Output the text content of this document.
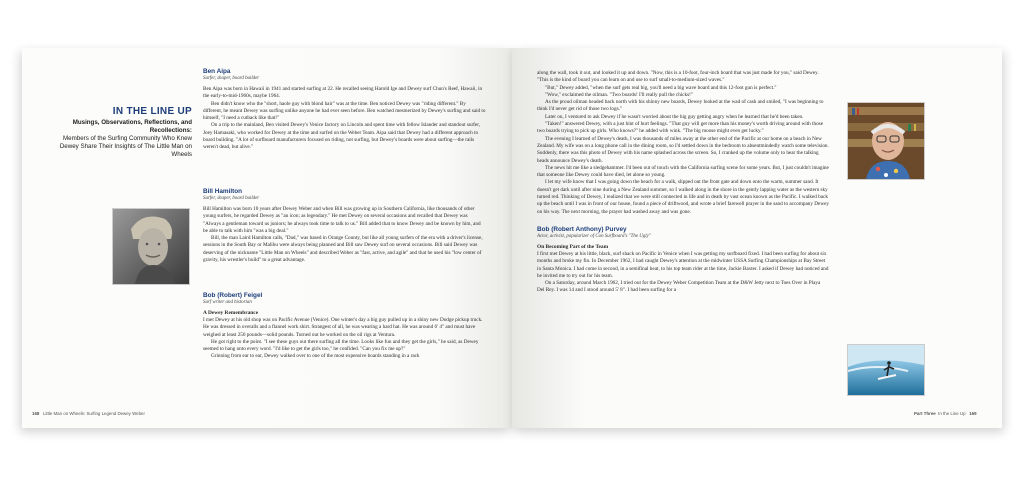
IN THE LINE UP
Musings, Observations, Reflections, and Recollections:
Members of the Surfing Community Who Knew Dewey Share Their Insights of The Little Man on Wheels
Ben Aipa
Surfer, shaper, board builder

Ben Aipa was born in Hawaii in 1941 and started surfing at 22. He recalled seeing Harold Ige and Dewey surf Chun's Reef, Hawaii, in the early-to-mid-1960s, maybe 1964.

Ben didn't know who the "short, haole guy with blond hair" was at the time. Ben noticed Dewey was "riding different." By different, he meant Dewey was surfing unlike anyone he had ever seen before. Ben watched mesmerized by Dewey's surfing and said to himself, "I need a cutback like that!"

On a trip to the mainland, Ben visited Dewey's Venice factory on Lincoln and spent time with fellow Islander and standout surfer, Joey Hamasaki, who worked for Dewey at the time and surfed on the Weber Team. Aipa said that Dewey had a different approach to board building. "A lot of surfboard manufacturers focused on riding, not surfing, but Dewey's boards were about surfing—the rails weren't dead, but alive."

Bill Hamilton
Surfer, shaper, board builder

Bill Hamilton was born 10 years after Dewey Weber and when Bill was growing up in Southern California, like thousands of other young surfers, he regarded Dewey as "an icon; as legendary." He met Dewey on several occasions and recalled that Dewey was "Always a gentleman toward us juniors; he always took time to talk to us." Bill added that to know Dewey and be known by him, and be able to talk with him "was a big deal."

Bill, the man Laird Hamilton calls, "Dad," was based in Orange County, but like all young surfers of the era with a driver's license, sessions in the South Bay or Malibu were always being planned and Bill saw Dewey surf on several occasions. Bill said Dewey was deserving of the nickname "Little Man on Wheels" and described Weber as "fast, active, and agile" and that he used his "low center of gravity, his wrestler's build" to a great advantage.

Bob (Robert) Feigel
Surf writer and historian
A Dewey Remembrance

I met Dewey at his old shop was on Pacific Avenue (Venice). One winter's day a big guy pulled up in a shiny new Dodge pickup truck. He was dressed in overalls and a flannel work shirt. Strangest of all, he was wearing a hard hat. He was around 6' 4" and must have weighed at least 250 pounds—solid pounds. Turned out he worked on the oil rigs at Ventura.

He got right to the point. "I see these guys out there surfing all the time. Looks like fun and they get the girls," he said, as Dewey seemed to hang onto every word. "I'd like to get the girls too," he confided. "Can you fix me up?"

Grinning from ear to ear, Dewey walked over to one of the most expensive boards standing in a rack

168 Little Man on Wheels: Surfing Legend Dewey Weber

along the wall, took it out, and looked it up and down. "Now, this is a 10-foot, four-inch board that was just made for you," said Dewey. "This is the kind of board you can learn on and use to surf small-to-medium-sized waves."

"But," Dewey added, "when the surf gets real big, you'll need a big wave board and this 12-foot gun is perfect."

"Wow," exclaimed the oilman. "Two boards! I'll really pull the chicks!"

As the proud oilman headed back north with his shinny new boards, Dewey looked at the wad of cash and smiled, "I was beginning to think I'd never get rid of those two logs."

Later on, I ventured to ask Dewey if he wasn't worried about the big guy getting angry when he learned that he'd been taken.

"Taken!" answered Dewey, with a just hint of hurt feelings. "That guy will get more than his money's worth driving around with those two boards trying to pick up girls. Who knows?" he added with wink. "The big moose might even get lucky."

The evening I learned of Dewey's death, I was thousands of miles away at the other end of the Pacific at our home on a beach in New Zealand. My wife was on a long phone call in the dining room, so I'd settled down in the bedroom to absentmindedly watch some television. Suddenly, there was this photo of Dewey with his name splashed across the screen. So, I cranked up the volume only to hear the talking heads announce Dewey's death.

The news hit me like a sledgehammer. I'd been out of touch with the California surfing scene for some years. But, I just couldn't imagine that someone like Dewey could have died, let alone so young.

I let my wife know that I was going down the beach for a walk, slipped out the front gate and down onto the warm, summer sand. It doesn't get dark until after nine during a New Zealand summer, so I walked along in the shore in the gently lapping water as the western sky turned red. Thinking of Dewey, I realized that we were still connected in life and in death by vast ocean known as the Pacific. I walked back up the beach until I was in front of our house, found a piece of driftwood, and wrote a brief farewell prayer in the sand to accompany Dewey on his way. The next morning, the prayer had washed away and was gone.

Bob (Robert Anthony) Purvey
Actor, activist, popularizer of Con Surfboard's "The Ugly"
On Becoming Part of the Team

I first met Dewey at his little, black, surf shack on Pacific in Venice when I was getting my surfboard fixed. I had been surfing for about six months and broke my fin. In December 1962, I had caught Dewey's attention at the midwinter USSA Surfing Championships at Bay Street in Santa Monica. I had come in second, in a semifinal heat, to his top team rider at the time, Jackie Baxter. I asked if Dewey had noticed and he invited me to try out for his team.

On a Saturday, around March 1962, I tried out for the Dewey Weber Competition Team at the D&W Jetty next to Toes Over in Playa Del Rey. I was 14 and I stood around 5' 8". I had been surfing for a

Part Three In the Line Up 169
